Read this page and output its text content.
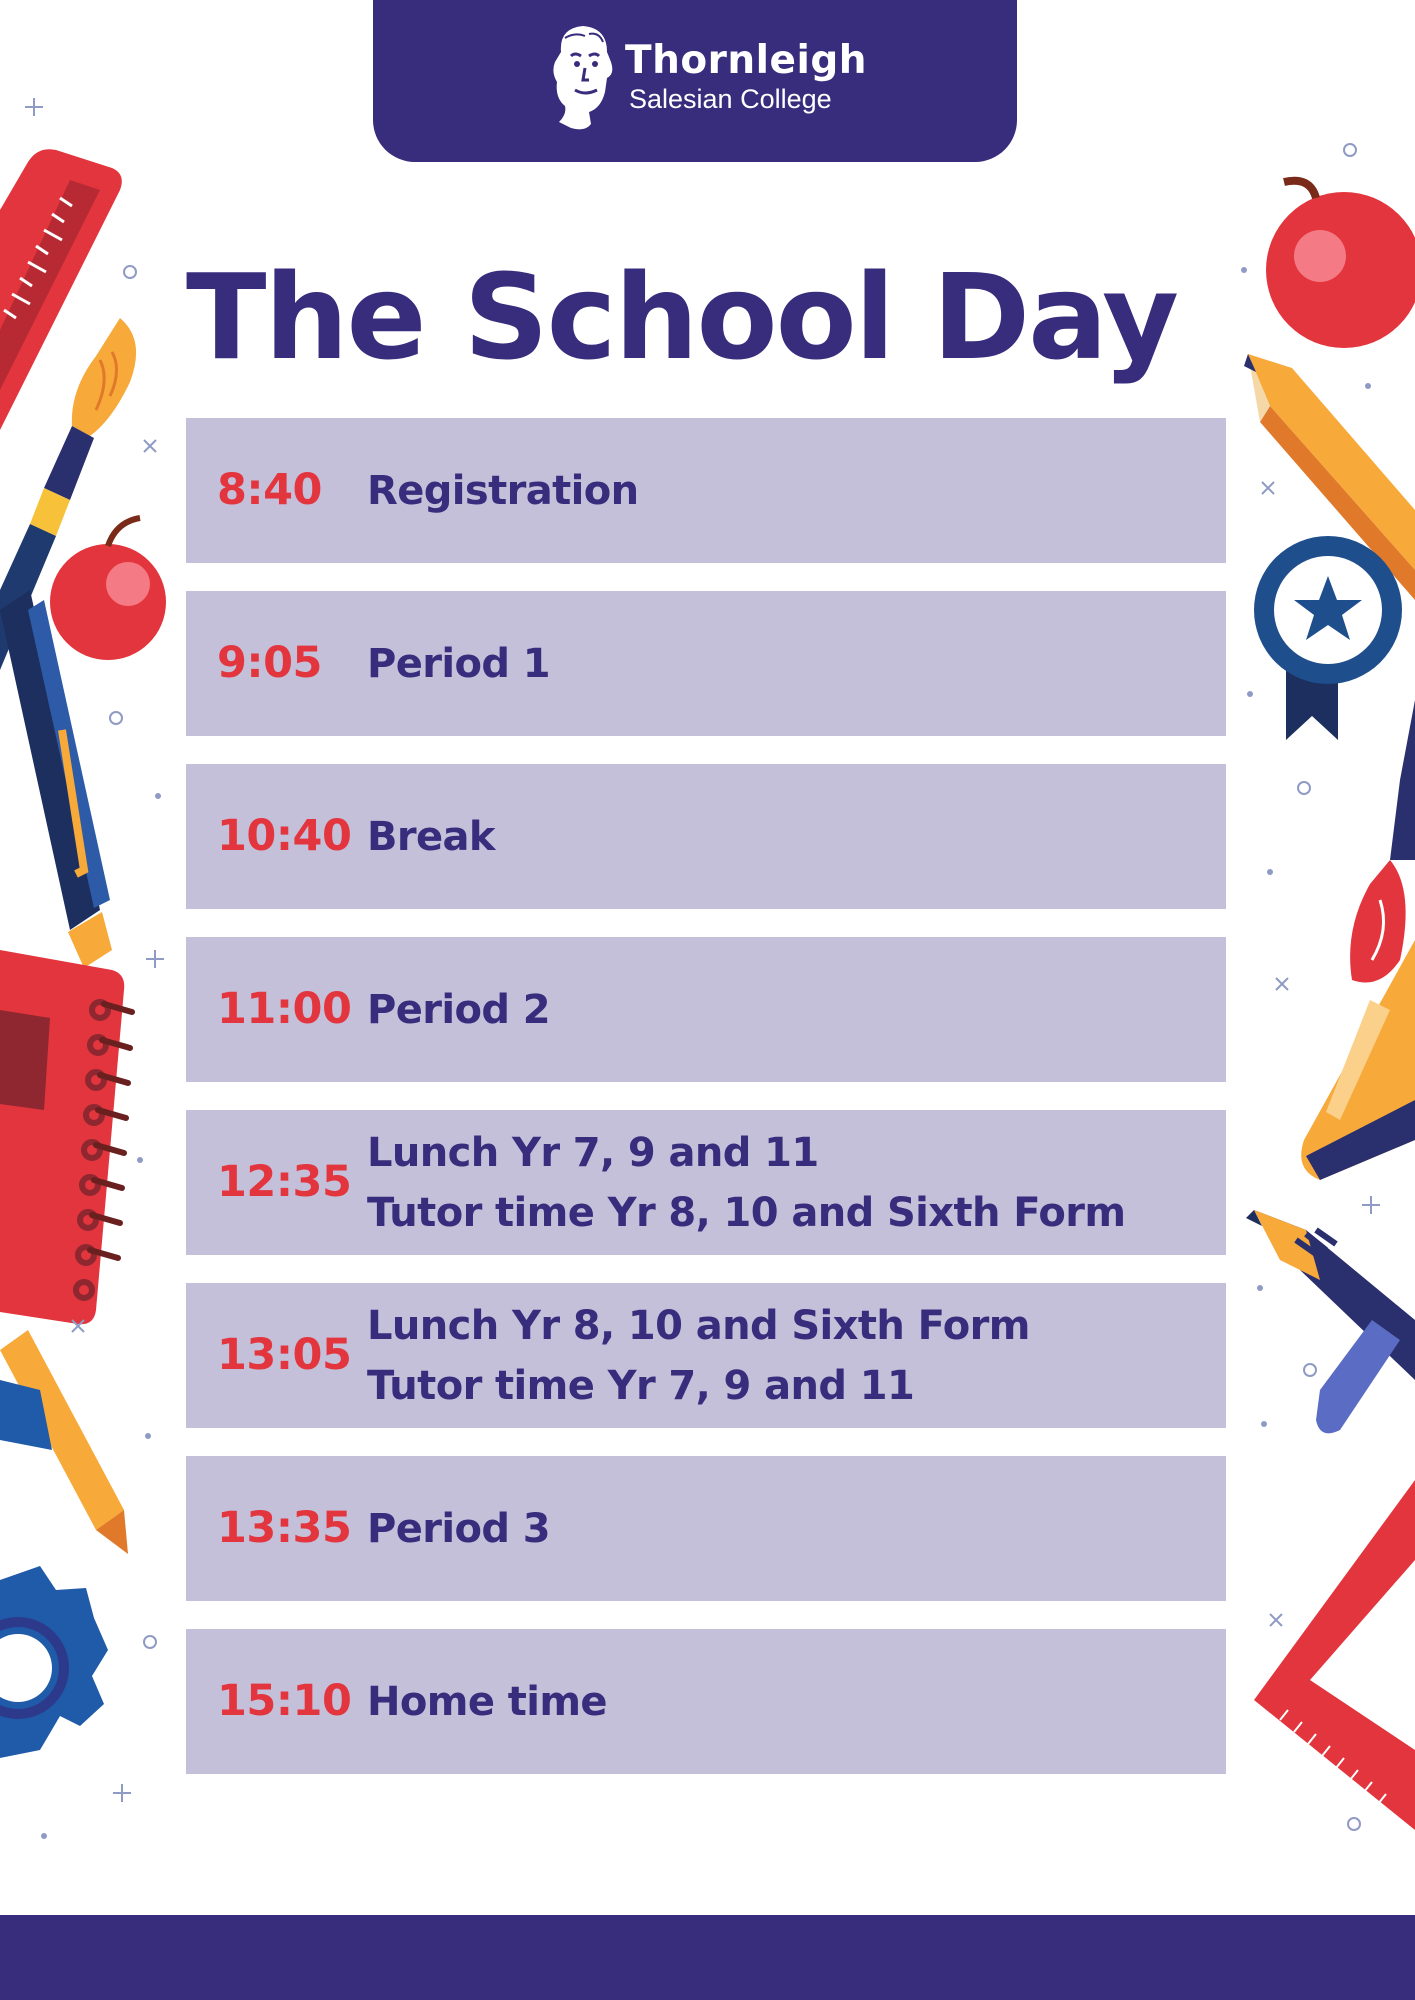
Thornleigh
Salesian College
The School Day
8:40 Registration
9:05 Period 1
10:40 Break
11:00 Period 2
12:35
Lunch Yr 7, 9 and 11
Tutor time Yr 8, 10 and Sixth Form
13:05
Lunch Yr 8, 10 and Sixth Form
Tutor time Yr 7, 9 and 11
13:35 Period 3
15:10 Home time
